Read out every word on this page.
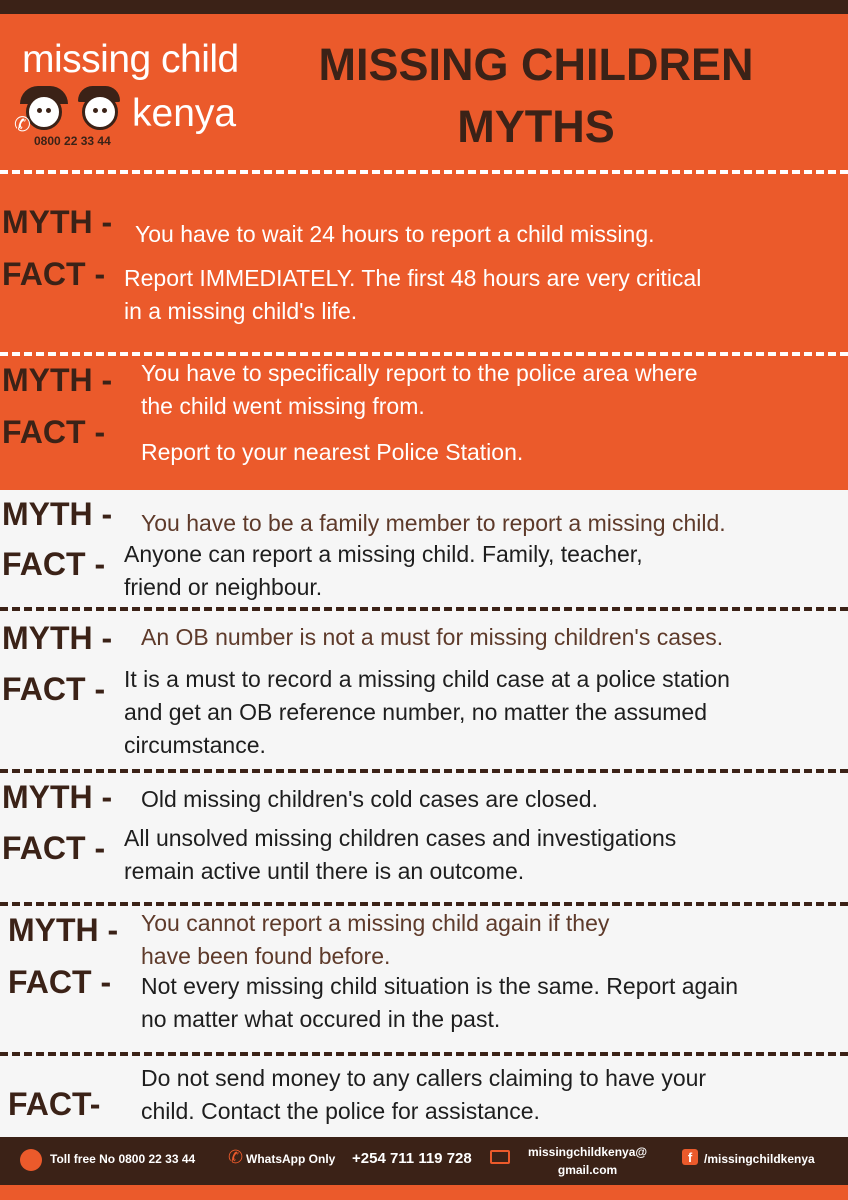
missing child
kenya
✆
0800 22 33 44
MISSING CHILDREN
MYTHS
MYTH - You have to wait 24 hours to report a child missing.
FACT - Report IMMEDIATELY. The first 48 hours are very critical
in a missing child's life.
MYTH - You have to specifically report to the police area where
the child went missing from.
FACT -
Report to your nearest Police Station.
MYTH - You have to be a family member to report a missing child.
FACT - Anyone can report a missing child. Family, teacher,
friend or neighbour.
MYTH - An OB number is not a must for missing children's cases.
FACT - It is a must to record a missing child case at a police station
and get an OB reference number, no matter the assumed
circumstance.
MYTH - Old missing children's cold cases are closed.
FACT - All unsolved missing children cases and investigations
remain active until there is an outcome.
MYTH - You cannot report a missing child again if they
have been found before.
FACT - Not every missing child situation is the same. Report again
no matter what occured in the past.
FACT-
Do not send money to any callers claiming to have your
child. Contact the police for assistance.
Toll free No 0800 22 33 44 ✆ WhatsApp Only +254 711 119 728	missingchildkenya@
gmail.com
f /missingchildkenya
